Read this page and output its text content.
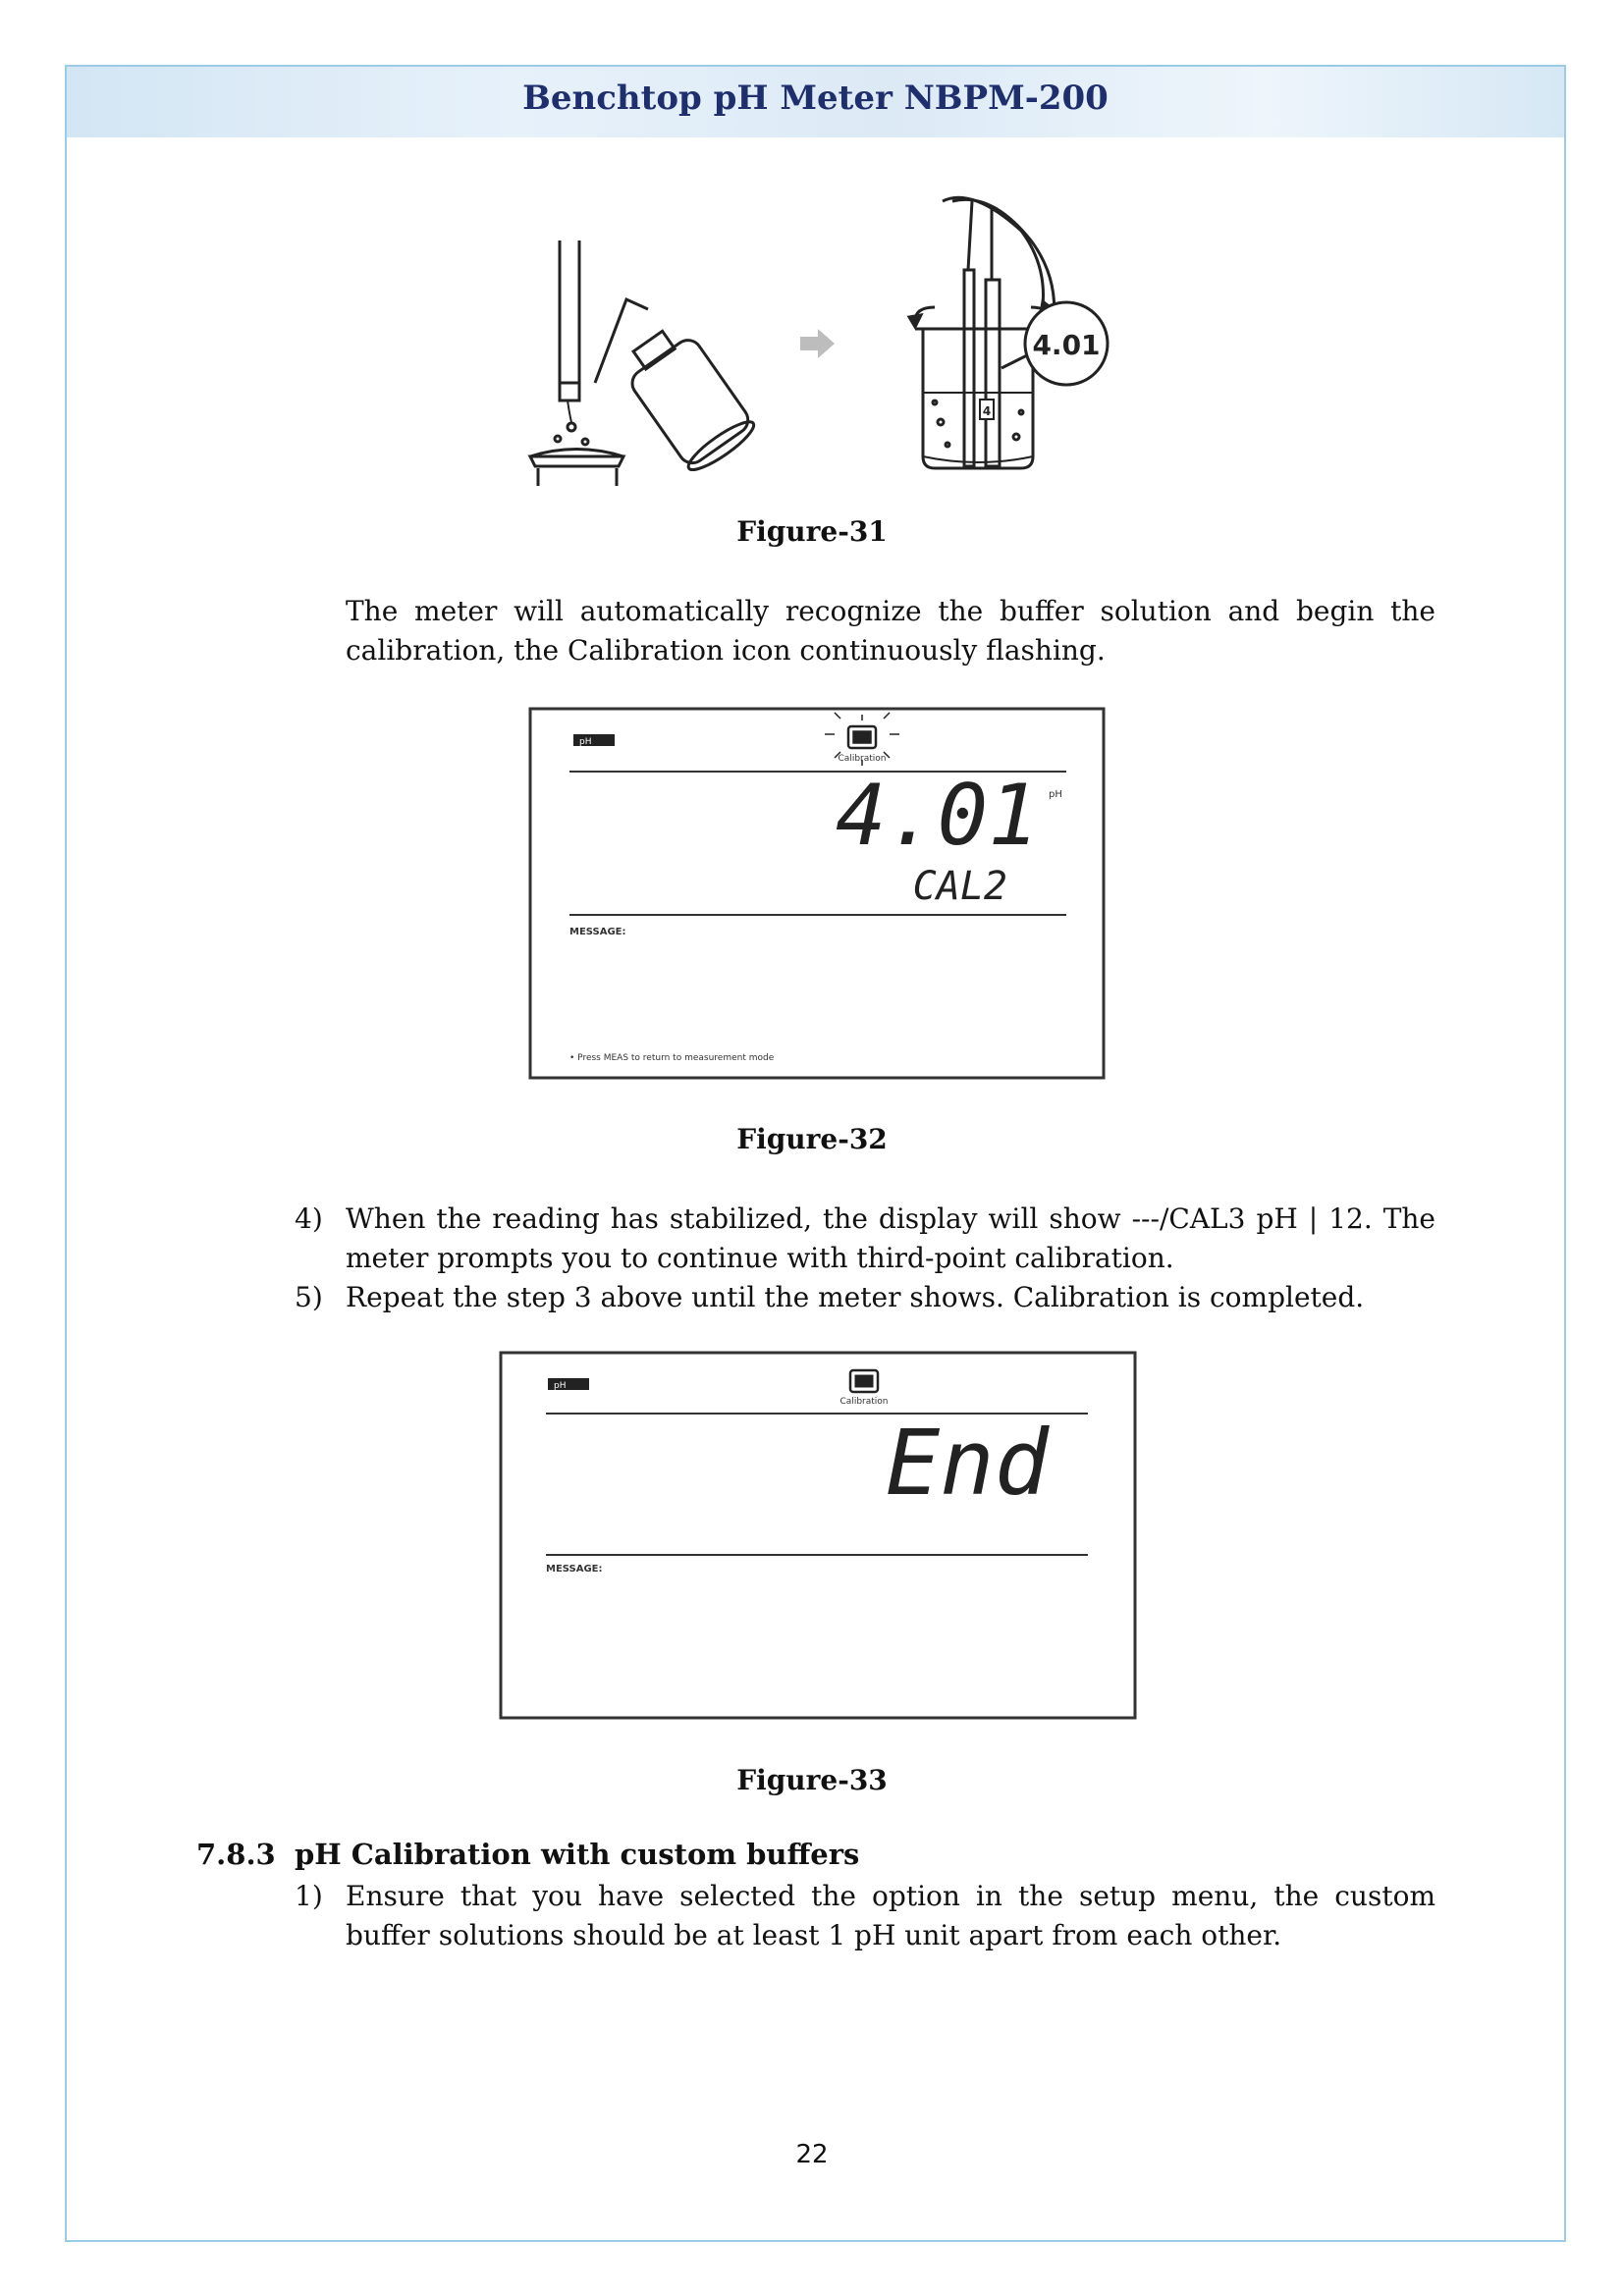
Benchtop pH Meter NBPM-200
4.01
4
Figure-31
The meter will automatically recognize the buffer solution and begin the
calibration, the Calibration icon continuously flashing.
pH
Calibration
4.01 pH
CAL2
MESSAGE:
• Press MEAS to return to measurement mode
Figure-32
4) When the reading has stabilized, the display will show ---/CAL3 pH | 12. The meter prompts you to continue with third-point calibration.
5) Repeat the step 3 above until the meter shows. Calibration is completed.
pH
Calibration
End
MESSAGE:
Figure-33
7.8.3 pH Calibration with custom buffers
1) Ensure that you have selected the option in the setup menu, the custom buffer solutions should be at least 1 pH unit apart from each other.
22
